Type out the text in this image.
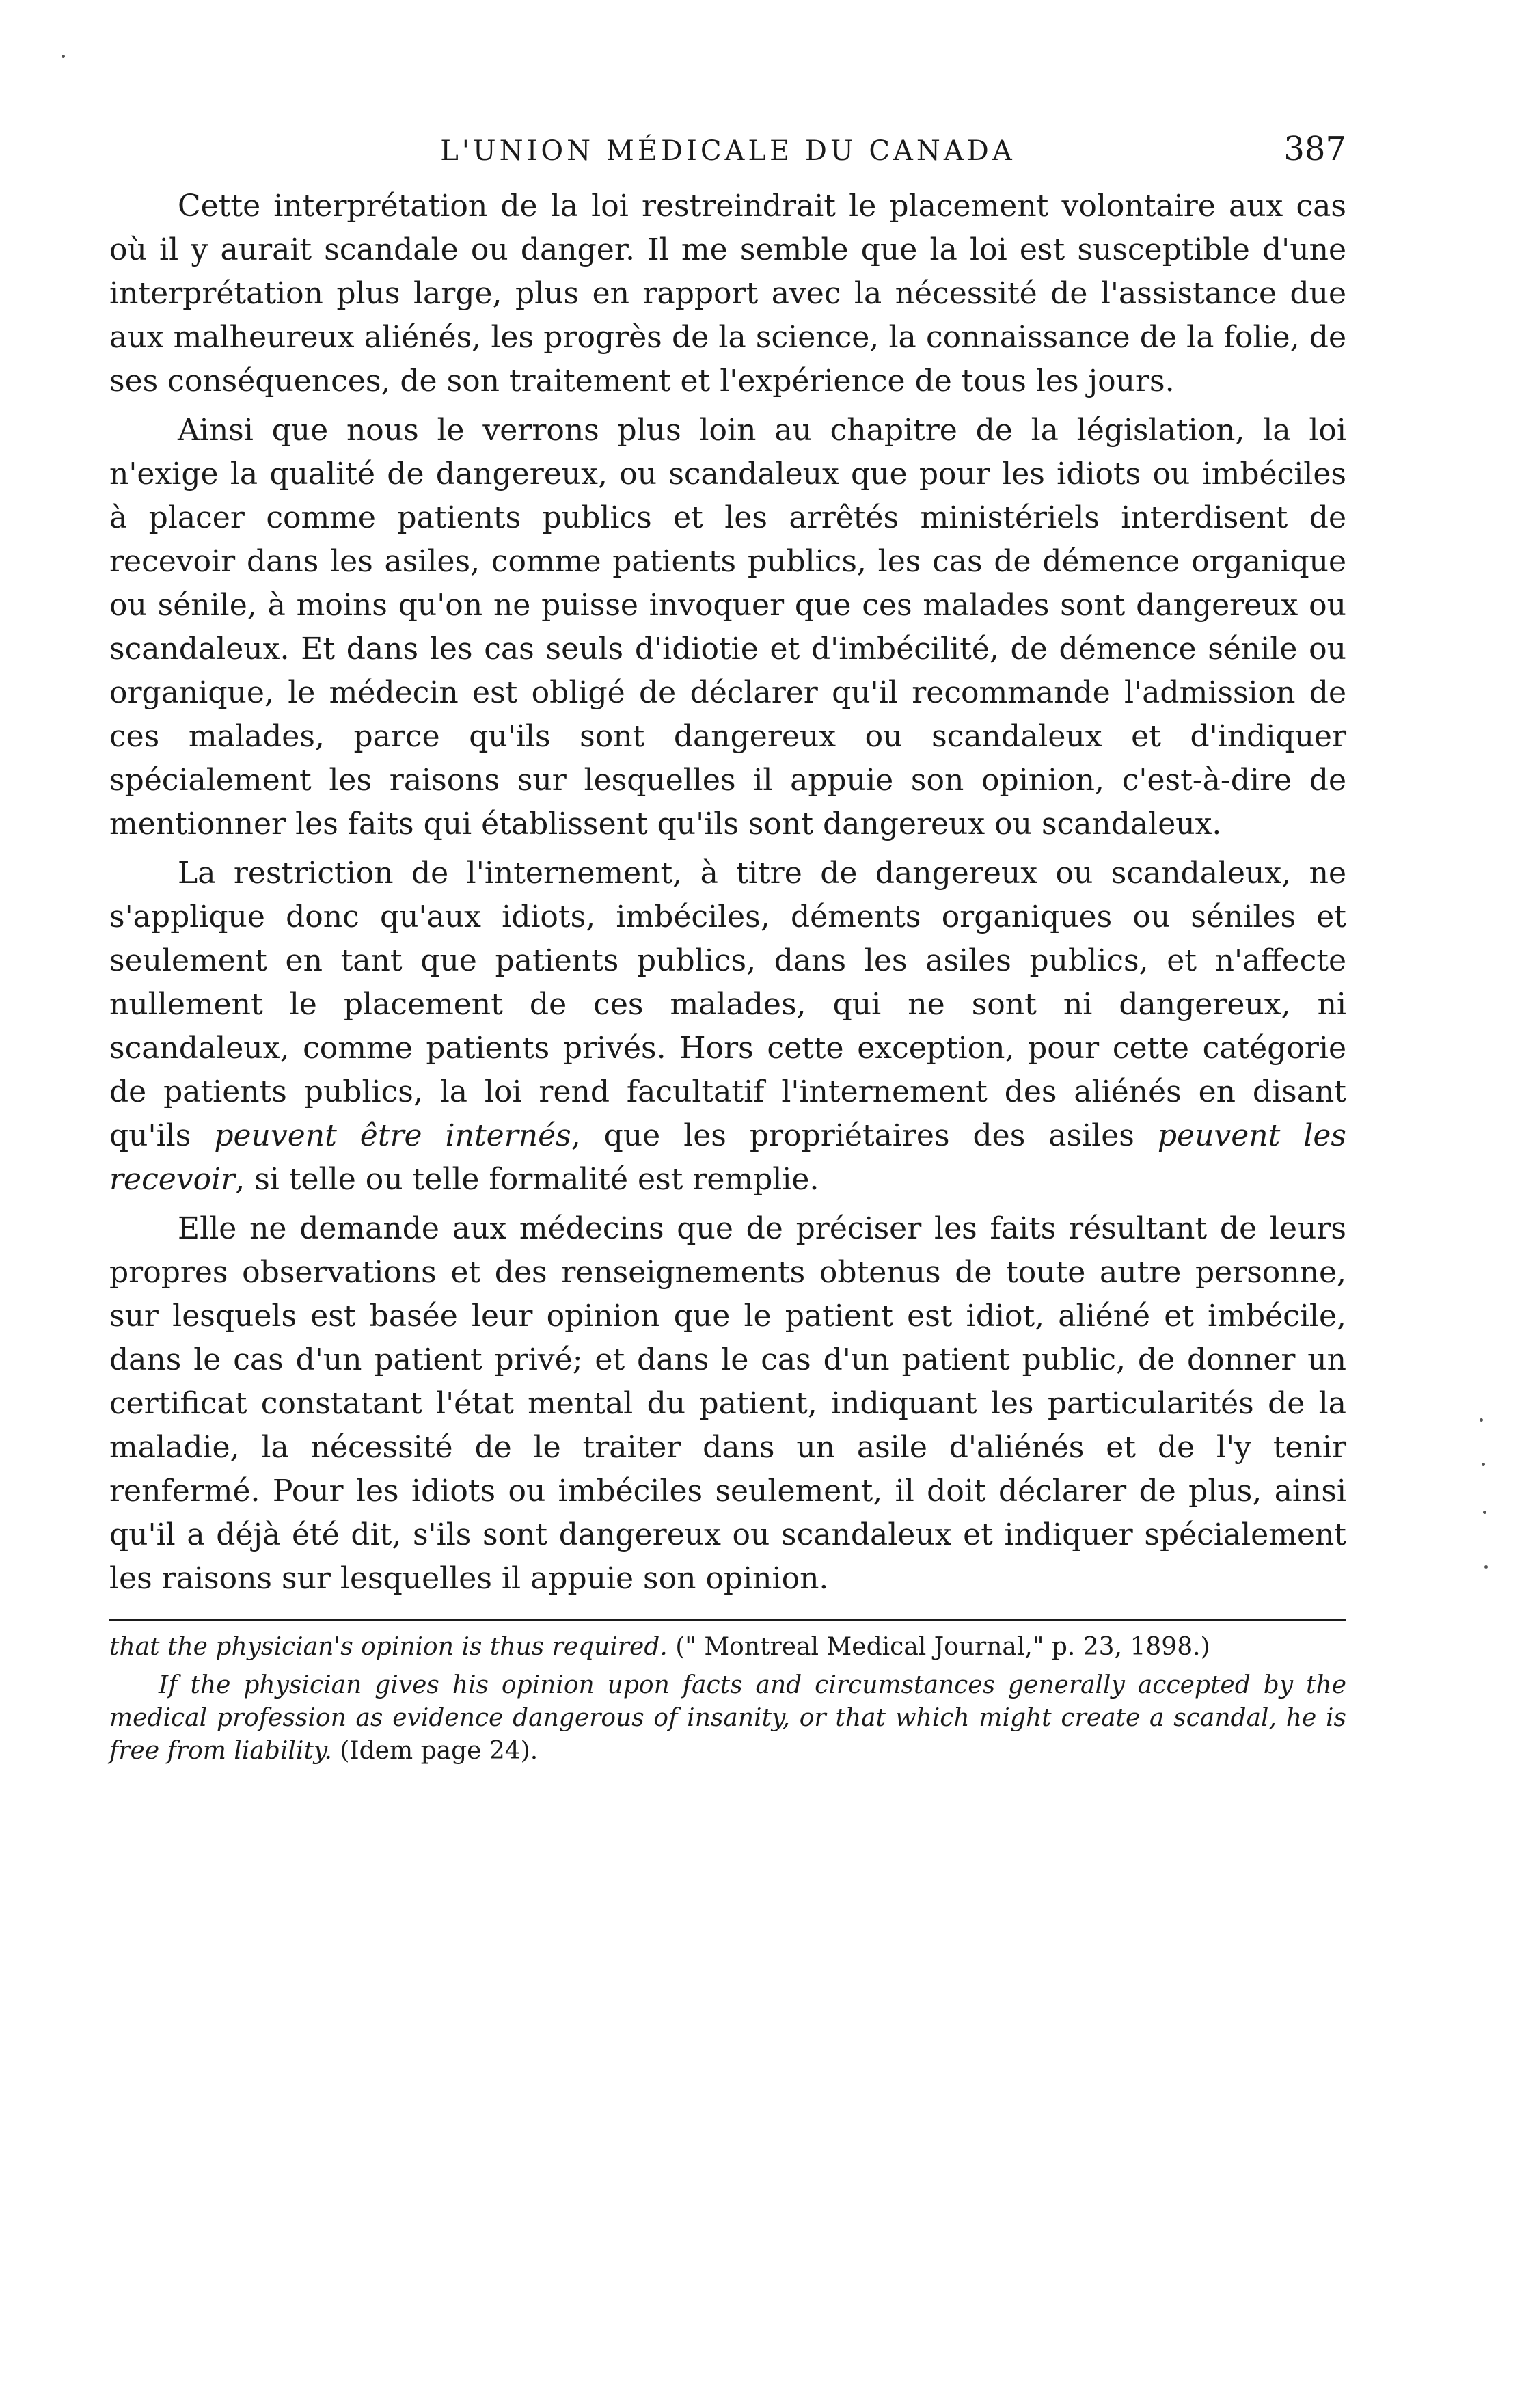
L'UNION MÉDICALE DU CANADA	387

Cette interprétation de la loi restreindrait le placement volontaire aux cas où il y aurait scandale ou danger. Il me semble que la loi est susceptible d'une interprétation plus large, plus en rapport avec la nécessité de l'assistance due aux malheureux aliénés, les progrès de la science, la connaissance de la folie, de ses conséquences, de son traitement et l'expérience de tous les jours.

Ainsi que nous le verrons plus loin au chapitre de la législation, la loi n'exige la qualité de dangereux, ou scandaleux que pour les idiots ou imbéciles à placer comme patients publics et les arrêtés ministériels interdisent de recevoir dans les asiles, comme patients publics, les cas de démence organique ou sénile, à moins qu'on ne puisse invoquer que ces malades sont dangereux ou scandaleux. Et dans les cas seuls d'idiotie et d'imbécilité, de démence sénile ou organique, le médecin est obligé de déclarer qu'il recommande l'admission de ces malades, parce qu'ils sont dangereux ou scandaleux et d'indiquer spécialement les raisons sur lesquelles il appuie son opinion, c'est-à-dire de mentionner les faits qui établissent qu'ils sont dangereux ou scandaleux.

La restriction de l'internement, à titre de dangereux ou scandaleux, ne s'applique donc qu'aux idiots, imbéciles, déments organiques ou séniles et seulement en tant que patients publics, dans les asiles publics, et n'affecte nullement le placement de ces malades, qui ne sont ni dangereux, ni scandaleux, comme patients privés. Hors cette exception, pour cette catégorie de patients publics, la loi rend facultatif l'internement des aliénés en disant qu'ils peuvent être internés, que les propriétaires des asiles peuvent les recevoir, si telle ou telle formalité est remplie.

Elle ne demande aux médecins que de préciser les faits résultant de leurs propres observations et des renseignements obtenus de toute autre personne, sur lesquels est basée leur opinion que le patient est idiot, aliéné et imbécile, dans le cas d'un patient privé; et dans le cas d'un patient public, de donner un certificat constatant l'état mental du patient, indiquant les particularités de la maladie, la nécessité de le traiter dans un asile d'aliénés et de l'y tenir renfermé. Pour les idiots ou imbéciles seulement, il doit déclarer de plus, ainsi qu'il a déjà été dit, s'ils sont dangereux ou scandaleux et indiquer spécialement les raisons sur lesquelles il appuie son opinion.

that the physician's opinion is thus required. (" Montreal Medical Journal," p. 23, 1898.)

If the physician gives his opinion upon facts and circumstances generally accepted by the medical profession as evidence dangerous of insanity, or that which might create a scandal, he is free from liability. (Idem page 24).
